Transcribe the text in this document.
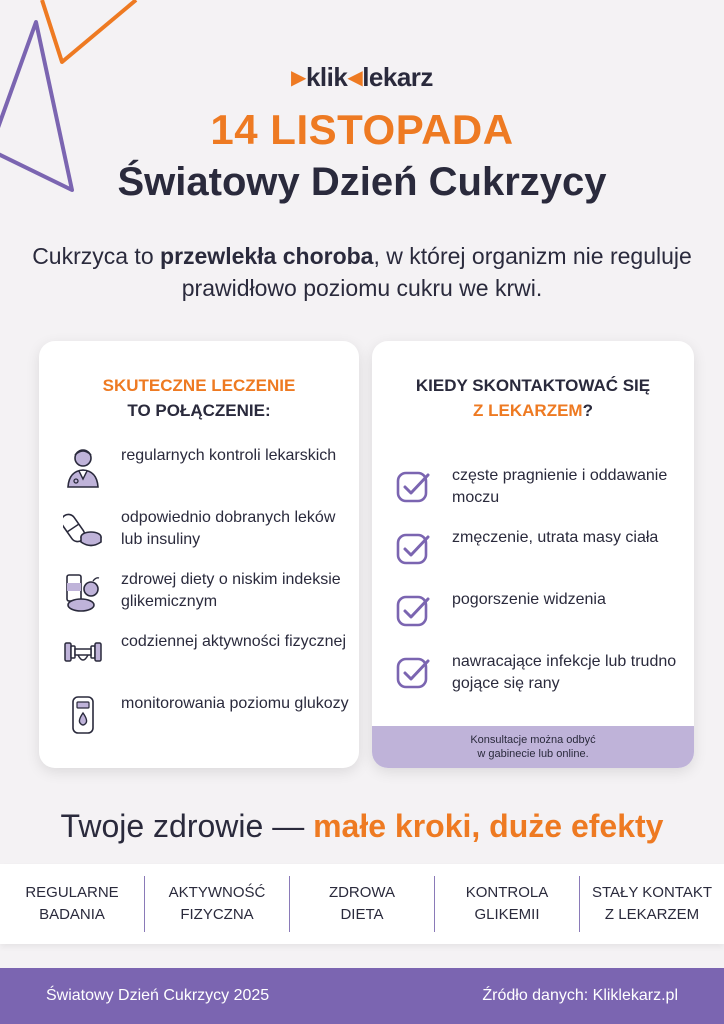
▶klik◀lekarz
14 LISTOPADA
Światowy Dzień Cukrzycy
Cukrzyca to przewlekła choroba, w której organizm nie reguluje prawidłowo poziomu cukru we krwi.
SKUTECZNE LECZENIE
TO POŁĄCZENIE:
regularnych kontroli lekarskich
odpowiednio dobranych leków lub insuliny
zdrowej diety o niskim indeksie glikemicznym
codziennej aktywności fizycznej
monitorowania poziomu glukozy
KIEDY SKONTAKTOWAĆ SIĘ
Z LEKARZEM?
częste pragnienie i oddawanie moczu
zmęczenie, utrata masy ciała
pogorszenie widzenia
nawracające infekcje lub trudno gojące się rany
Konsultacje można odbyć
w gabinecie lub online.
Twoje zdrowie — małe kroki, duże efekty
REGULARNE
BADANIA
AKTYWNOŚĆ
FIZYCZNA
ZDROWA
DIETA
KONTROLA
GLIKEMII
STAŁY KONTAKT
Z LEKARZEM
Światowy Dzień Cukrzycy 2025	Źródło danych: Kliklekarz.pl
